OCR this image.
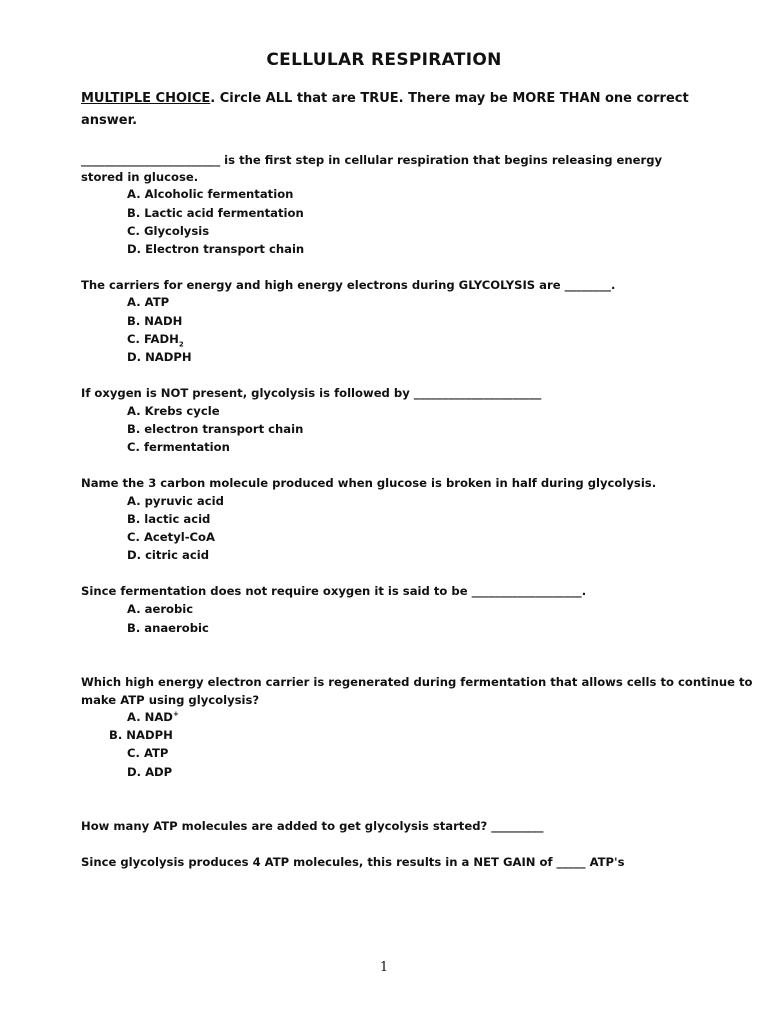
CELLULAR RESPIRATION
MULTIPLE CHOICE. Circle ALL that are TRUE. There may be MORE THAN one correct
answer.
________________________ is the first step in cellular respiration that begins releasing energy
stored in glucose.
A. Alcoholic fermentation
B. Lactic acid fermentation
C. Glycolysis
D. Electron transport chain
The carriers for energy and high energy electrons during GLYCOLYSIS are ________.
A. ATP
B. NADH
C. $FADH_2$
D. NADPH
If oxygen is NOT present, glycolysis is followed by ______________________
A. Krebs cycle
B. electron transport chain
C. fermentation
Name the 3 carbon molecule produced when glucose is broken in half during glycolysis.
A. pyruvic acid
B. lactic acid
C. Acetyl-CoA
D. citric acid
Since fermentation does not require oxygen it is said to be ___________________.
A. aerobic
B. anaerobic
Which high energy electron carrier is regenerated during fermentation that allows cells to continue to
make ATP using glycolysis?
A. NAD+
B. NADPH
C. ATP
D. ADP
How many ATP molecules are added to get glycolysis started? _________
Since glycolysis produces 4 ATP molecules, this results in a NET GAIN of _____ ATP's
1
